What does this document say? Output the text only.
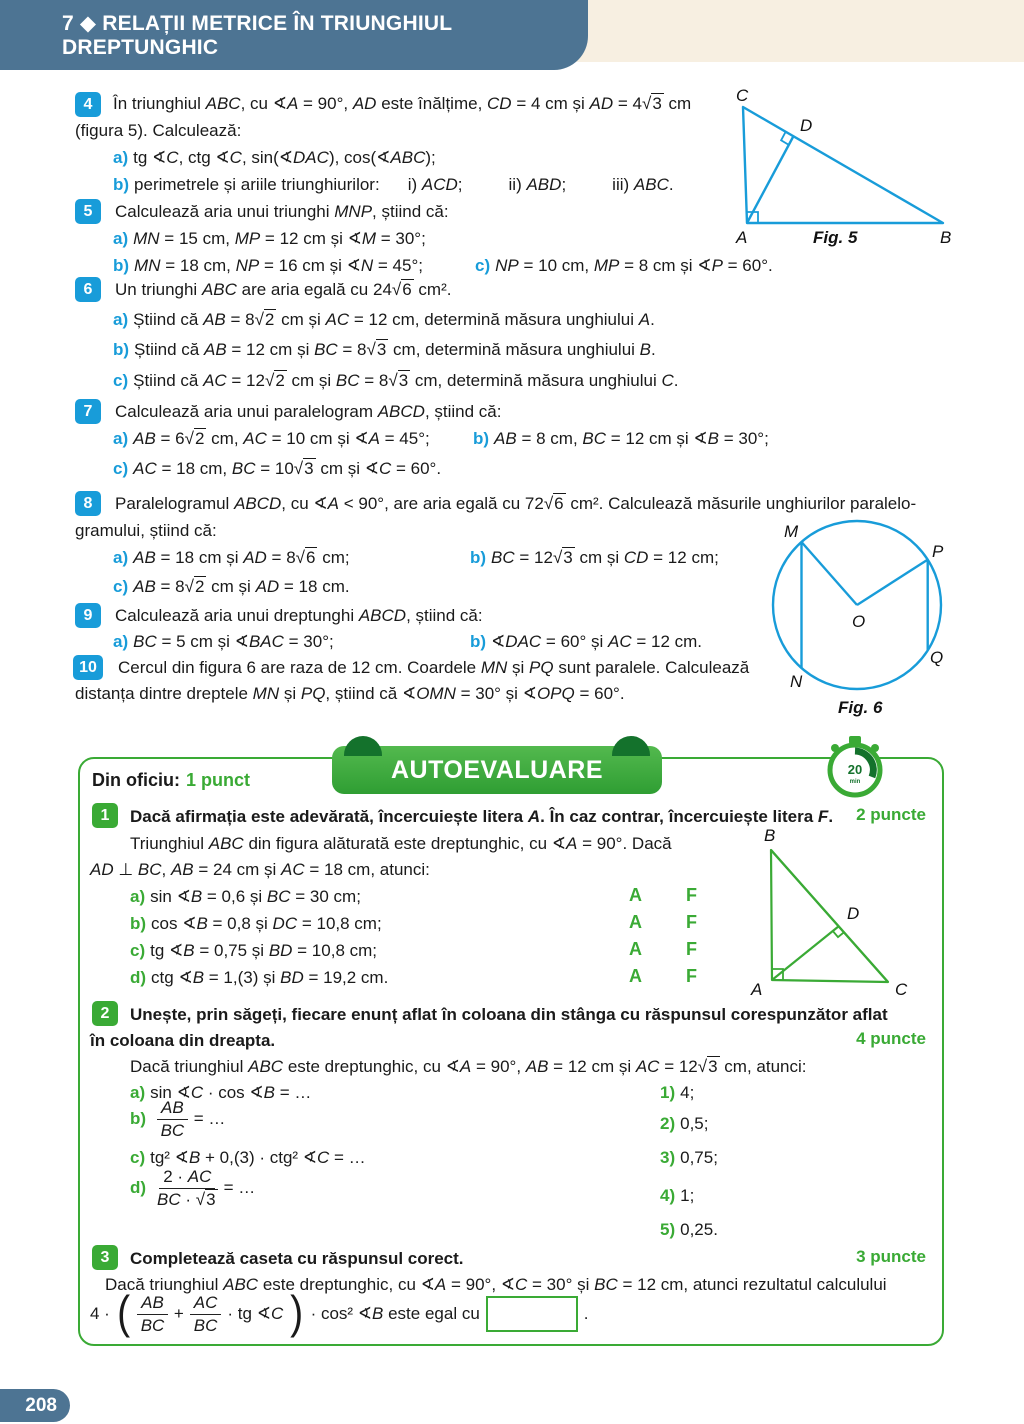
7 ◆ RELAȚII METRICE ÎN TRIUNGHIUL DREPTUNGHIC
4	În triunghiul ABC, cu ∢A = 90°, AD este înălțime, CD = 4 cm și AD = 4√3 cm
(figura 5). Calculează:
a) tg ∢C, ctg ∢C, sin(∢DAC), cos(∢ABC);
b) perimetrele și ariile triunghiurilor: i) ACD;	ii) ABD;	iii) ABC.
C
D
A	B
Fig. 5
5	Calculează aria unui triunghi MNP, știind că:
a) MN = 15 cm, MP = 12 cm și ∢M = 30°;
b) MN = 18 cm, NP = 16 cm și ∢N = 45°;	c) NP = 10 cm, MP = 8 cm și ∢P = 60°.
6	Un triunghi ABC are aria egală cu 24√6 cm².
a) Știind că AB = 8√2 cm și AC = 12 cm, determină măsura unghiului A.
b) Știind că AB = 12 cm și BC = 8√3 cm, determină măsura unghiului B.
c) Știind că AC = 12√2 cm și BC = 8√3 cm, determină măsura unghiului C.
7	Calculează aria unui paralelogram ABCD, știind că:
a) AB = 6√2 cm, AC = 10 cm și ∢A = 45°;	b) AB = 8 cm, BC = 12 cm și ∢B = 30°;
c) AC = 18 cm, BC = 10√3 cm și ∢C = 60°.
8	Paralelogramul ABCD, cu ∢A < 90°, are aria egală cu 72√6 cm². Calculează măsurile unghiurilor paralelo-
gramului, știind că:
a) AB = 18 cm și AD = 8√6 cm;	b) BC = 12√3 cm și CD = 12 cm;
c) AB = 8√2 cm și AD = 18 cm.
9	Calculează aria unui dreptunghi ABCD, știind că:
a) BC = 5 cm și ∢BAC = 30°;	b) ∢DAC = 60° și AC = 12 cm.
10	Cercul din figura 6 are raza de 12 cm. Coardele MN și PQ sunt paralele. Calculează
distanța dintre dreptele MN și PQ, știind că ∢OMN = 30° și ∢OPQ = 60°.
M
P
O
N
Q
Fig. 6
AUTOEVALUARE
Din oficiu: 1 punct
20
min
1	Dacă afirmația este adevărată, încercuiește litera A. În caz contrar, încercuiește litera F. 2 puncte
Triunghiul ABC din figura alăturată este dreptunghic, cu ∢A = 90°. Dacă
AD ⊥ BC, AB = 24 cm și AC = 18 cm, atunci:
a) sin ∢B = 0,6 și BC = 30 cm;
b) cos ∢B = 0,8 și DC = 10,8 cm;
c) tg ∢B = 0,75 și BD = 10,8 cm;
d) ctg ∢B = 1,(3) și BD = 19,2 cm.
A F
A F
A F
A F
B
A	C
D
2	Unește, prin săgeți, fiecare enunț aflat în coloana din stânga cu răspunsul corespunzător aflat
în coloana din dreapta.	4 puncte
Dacă triunghiul ABC este dreptunghic, cu ∢A = 90°, AB = 12 cm și AC = 12√3 cm, atunci:
a) sin ∢C · cos ∢B = …
$b) \frac{AB}{BC}$ = …
c) tg² ∢B + 0,(3) · ctg² ∢C = …
$d) \frac{2 \cdot AC}{BC \cdot √3}$ = …
1) 4;
2) 0,5;
3) 0,75;
4) 1;
5) 0,25.
3	Completează caseta cu răspunsul corect.	3 puncte
Dacă triunghiul ABC este dreptunghic, cu ∢A = 90°, ∢C = 30° și BC = 12 cm, atunci rezultatul calculului
4 · ( $\frac{AB}{BC} + \frac{AC}{BC}$ · tg ∢C ) · cos² ∢B este egal cu	.
208
